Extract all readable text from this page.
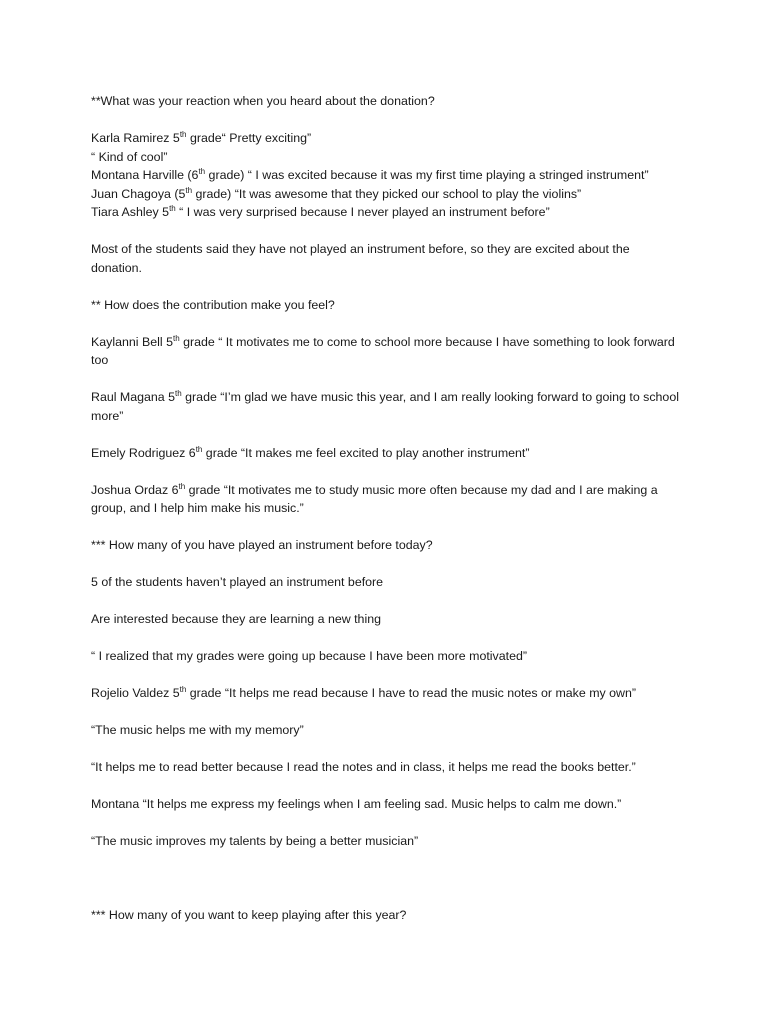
**What was your reaction when you heard about the donation?

Karla Ramirez 5th grade“ Pretty exciting”

“ Kind of cool”

Montana Harville (6th grade) “ I was excited because it was my first time playing a stringed instrument”

Juan Chagoya (5th grade) “It was awesome that they picked our school to play the violins”

Tiara Ashley 5th “ I was very surprised because I never played an instrument before”

Most of the students said they have not played an instrument before, so they are excited about the donation.

** How does the contribution make you feel?

Kaylanni Bell 5th grade “ It motivates me to come to school more because I have something to look forward too

Raul Magana 5th grade “I’m glad we have music this year, and I am really looking forward to going to school more”

Emely Rodriguez 6th grade “It makes me feel excited to play another instrument”

Joshua Ordaz 6th grade “It motivates me to study music more often because my dad and I are making a group, and I help him make his music.”

*** How many of you have played an instrument before today?

5 of the students haven’t played an instrument before

Are interested because they are learning a new thing

“ I realized that my grades were going up because I have been more motivated”

Rojelio Valdez 5th grade “It helps me read because I have to read the music notes or make my own”

“The music helps me with my memory”

“It helps me to read better because I read the notes and in class, it helps me read the books better.”

Montana “It helps me express my feelings when I am feeling sad. Music helps to calm me down.”

“The music improves my talents by being a better musician”

*** How many of you want to keep playing after this year?
